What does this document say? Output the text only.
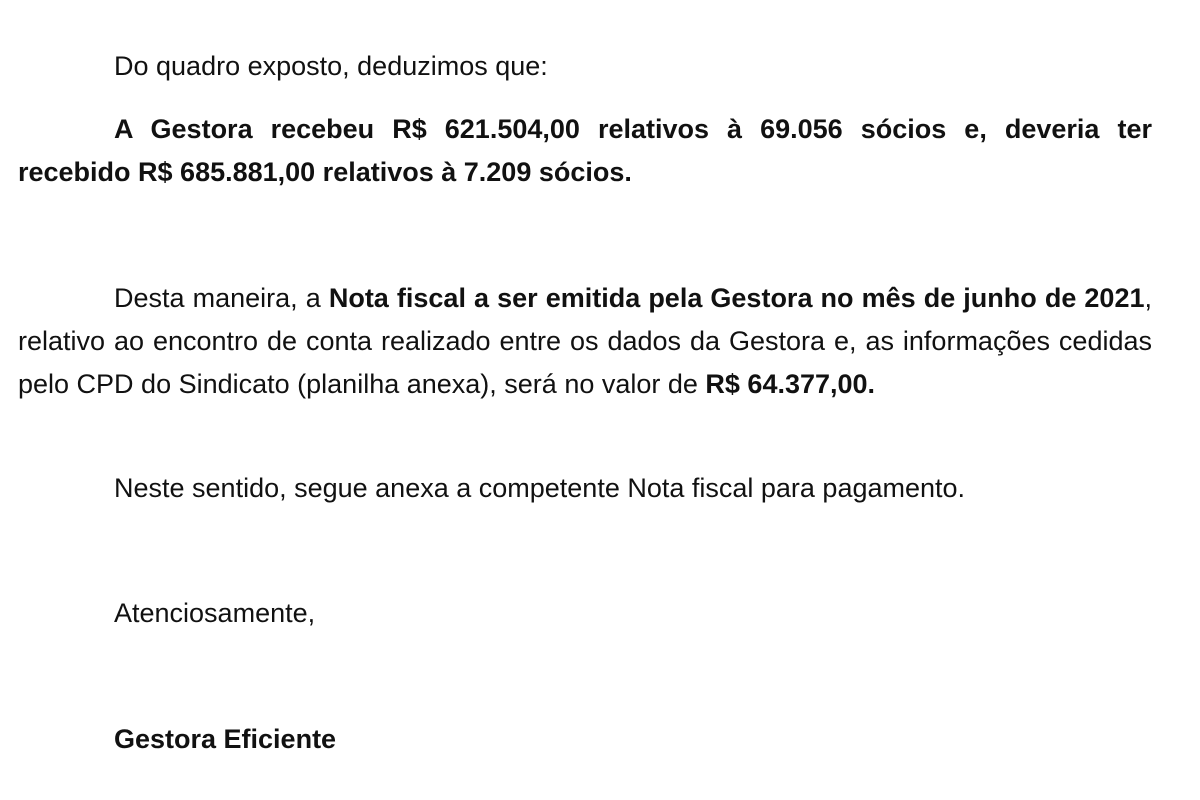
Do quadro exposto, deduzimos que:

A Gestora recebeu R$ 621.504,00 relativos à 69.056 sócios e, deveria ter recebido R$ 685.881,00 relativos à 7.209 sócios.

Desta maneira, a Nota fiscal a ser emitida pela Gestora no mês de junho de 2021, relativo ao encontro de conta realizado entre os dados da Gestora e, as informações cedidas pelo CPD do Sindicato (planilha anexa), será no valor de R$ 64.377,00.

Neste sentido, segue anexa a competente Nota fiscal para pagamento.

Atenciosamente,

Gestora Eficiente
